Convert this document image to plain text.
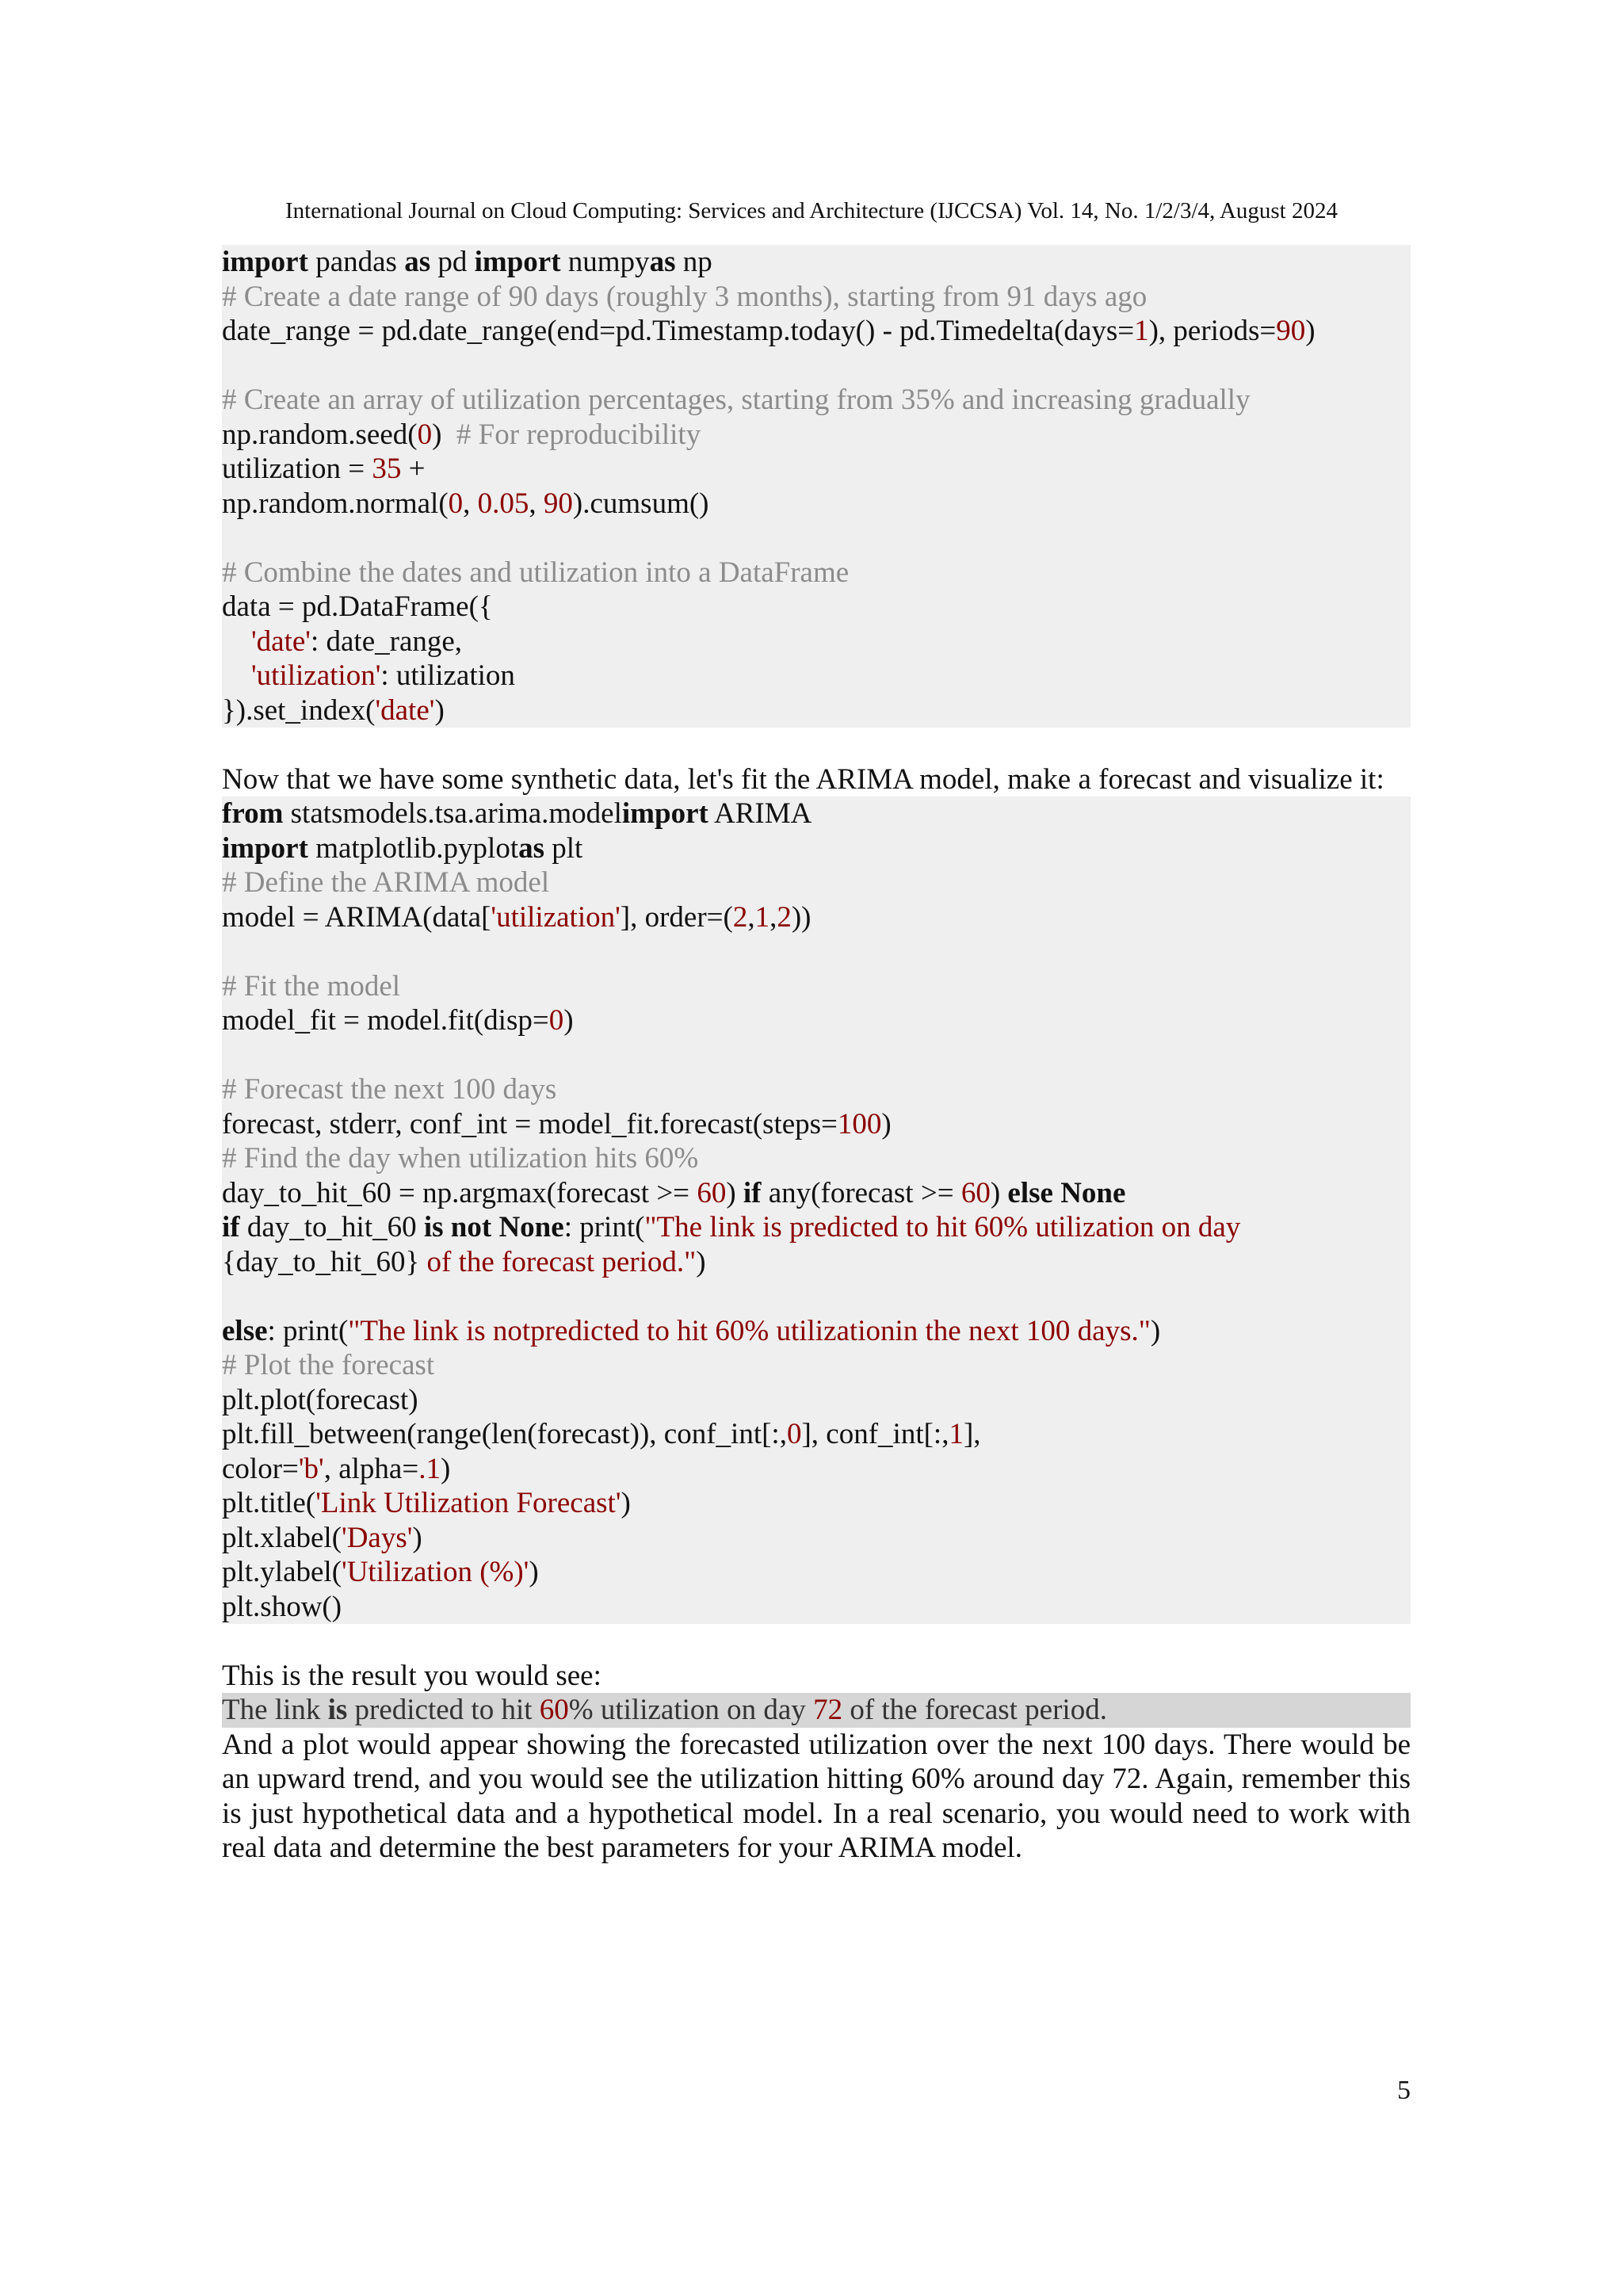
International Journal on Cloud Computing: Services and Architecture (IJCCSA) Vol. 14, No. 1/2/3/4, August 2024
import pandas as pd import numpyas np
# Create a date range of 90 days (roughly 3 months), starting from 91 days ago
date_range = pd.date_range(end=pd.Timestamp.today() - pd.Timedelta(days=1), periods=90)
# Create an array of utilization percentages, starting from 35% and increasing gradually
np.random.seed(0)  # For reproducibility
utilization = 35 +
np.random.normal(0, 0.05, 90).cumsum()
# Combine the dates and utilization into a DataFrame
data = pd.DataFrame({
'date': date_range,
'utilization': utilization
}).set_index('date')

Now that we have some synthetic data, let's fit the ARIMA model, make a forecast and visualize it:

from statsmodels.tsa.arima.modelimport ARIMA
import matplotlib.pyplotas plt
# Define the ARIMA model
model = ARIMA(data['utilization'], order=(2,1,2))
# Fit the model
model_fit = model.fit(disp=0)
# Forecast the next 100 days
forecast, stderr, conf_int = model_fit.forecast(steps=100)
# Find the day when utilization hits 60%
day_to_hit_60 = np.argmax(forecast >= 60) if any(forecast >= 60) else None
if day_to_hit_60 is not None: print("The link is predicted to hit 60% utilization on day
{day_to_hit_60} of the forecast period.")
else: print("The link is notpredicted to hit 60% utilizationin the next 100 days.")
# Plot the forecast
plt.plot(forecast)
plt.fill_between(range(len(forecast)), conf_int[:,0], conf_int[:,1],
color='b', alpha=.1)
plt.title('Link Utilization Forecast')
plt.xlabel('Days')
plt.ylabel('Utilization (%)')
plt.show()

This is the result you would see:

The link is predicted to hit 60% utilization on day 72 of the forecast period.

And a plot would appear showing the forecasted utilization over the next 100 days. There would be an upward trend, and you would see the utilization hitting 60% around day 72. Again, remember this is just hypothetical data and a hypothetical model. In a real scenario, you would need to work with real data and determine the best parameters for your ARIMA model.

5
